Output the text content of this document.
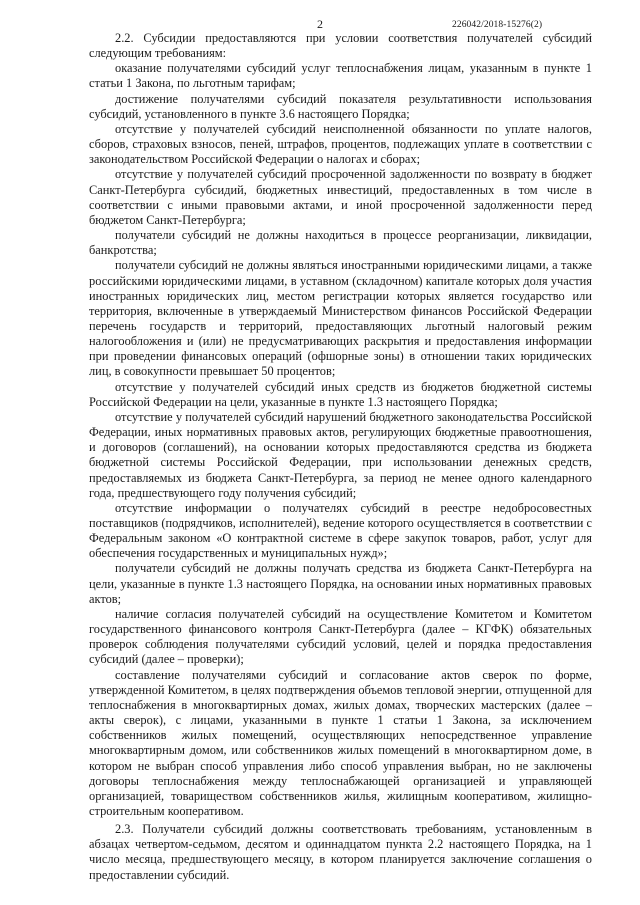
2	226042/2018-15276(2)

2.2. Субсидии предоставляются при условии соответствия получателей субсидий следующим требованиям:

оказание получателями субсидий услуг теплоснабжения лицам, указанным в пункте 1 статьи 1 Закона, по льготным тарифам;

достижение получателями субсидий показателя результативности использования субсидий, установленного в пункте 3.6 настоящего Порядка;

отсутствие у получателей субсидий неисполненной обязанности по уплате налогов, сборов, страховых взносов, пеней, штрафов, процентов, подлежащих уплате в соответствии с законодательством Российской Федерации о налогах и сборах;

отсутствие у получателей субсидий просроченной задолженности по возврату в бюджет Санкт-Петербурга субсидий, бюджетных инвестиций, предоставленных в том числе в соответствии с иными правовыми актами, и иной просроченной задолженности перед бюджетом Санкт-Петербурга;

получатели субсидий не должны находиться в процессе реорганизации, ликвидации, банкротства;

получатели субсидий не должны являться иностранными юридическими лицами, а также российскими юридическими лицами, в уставном (складочном) капитале которых доля участия иностранных юридических лиц, местом регистрации которых является государство или территория, включенные в утверждаемый Министерством финансов Российской Федерации перечень государств и территорий, предоставляющих льготный налоговый режим налогообложения и (или) не предусматривающих раскрытия и предоставления информации при проведении финансовых операций (офшорные зоны) в отношении таких юридических лиц, в совокупности превышает 50 процентов;

отсутствие у получателей субсидий иных средств из бюджетов бюджетной системы Российской Федерации на цели, указанные в пункте 1.3 настоящего Порядка;

отсутствие у получателей субсидий нарушений бюджетного законодательства Российской Федерации, иных нормативных правовых актов, регулирующих бюджетные правоотношения, и договоров (соглашений), на основании которых предоставляются средства из бюджета бюджетной системы Российской Федерации, при использовании денежных средств, предоставляемых из бюджета Санкт-Петербурга, за период не менее одного календарного года, предшествующего году получения субсидий;

отсутствие информации о получателях субсидий в реестре недобросовестных поставщиков (подрядчиков, исполнителей), ведение которого осуществляется в соответствии с Федеральным законом «О контрактной системе в сфере закупок товаров, работ, услуг для обеспечения государственных и муниципальных нужд»;

получатели субсидий не должны получать средства из бюджета Санкт-Петербурга на цели, указанные в пункте 1.3 настоящего Порядка, на основании иных нормативных правовых актов;

наличие согласия получателей субсидий на осуществление Комитетом и Комитетом государственного финансового контроля Санкт-Петербурга (далее – КГФК) обязательных проверок соблюдения получателями субсидий условий, целей и порядка предоставления субсидий (далее – проверки);

составление получателями субсидий и согласование актов сверок по форме, утвержденной Комитетом, в целях подтверждения объемов тепловой энергии, отпущенной для теплоснабжения в многоквартирных домах, жилых домах, творческих мастерских (далее – акты сверок), с лицами, указанными в пункте 1 статьи 1 Закона, за исключением собственников жилых помещений, осуществляющих непосредственное управление многоквартирным домом, или собственников жилых помещений в многоквартирном доме, в котором не выбран способ управления либо способ управления выбран, но не заключены договоры теплоснабжения между теплоснабжающей организацией и управляющей организацией, товариществом собственников жилья, жилищным кооперативом, жилищно-строительным кооперативом.

2.3. Получатели субсидий должны соответствовать требованиям, установленным в абзацах четвертом-седьмом, десятом и одиннадцатом пункта 2.2 настоящего Порядка, на 1 число месяца, предшествующего месяцу, в котором планируется заключение соглашения о предоставлении субсидий.
